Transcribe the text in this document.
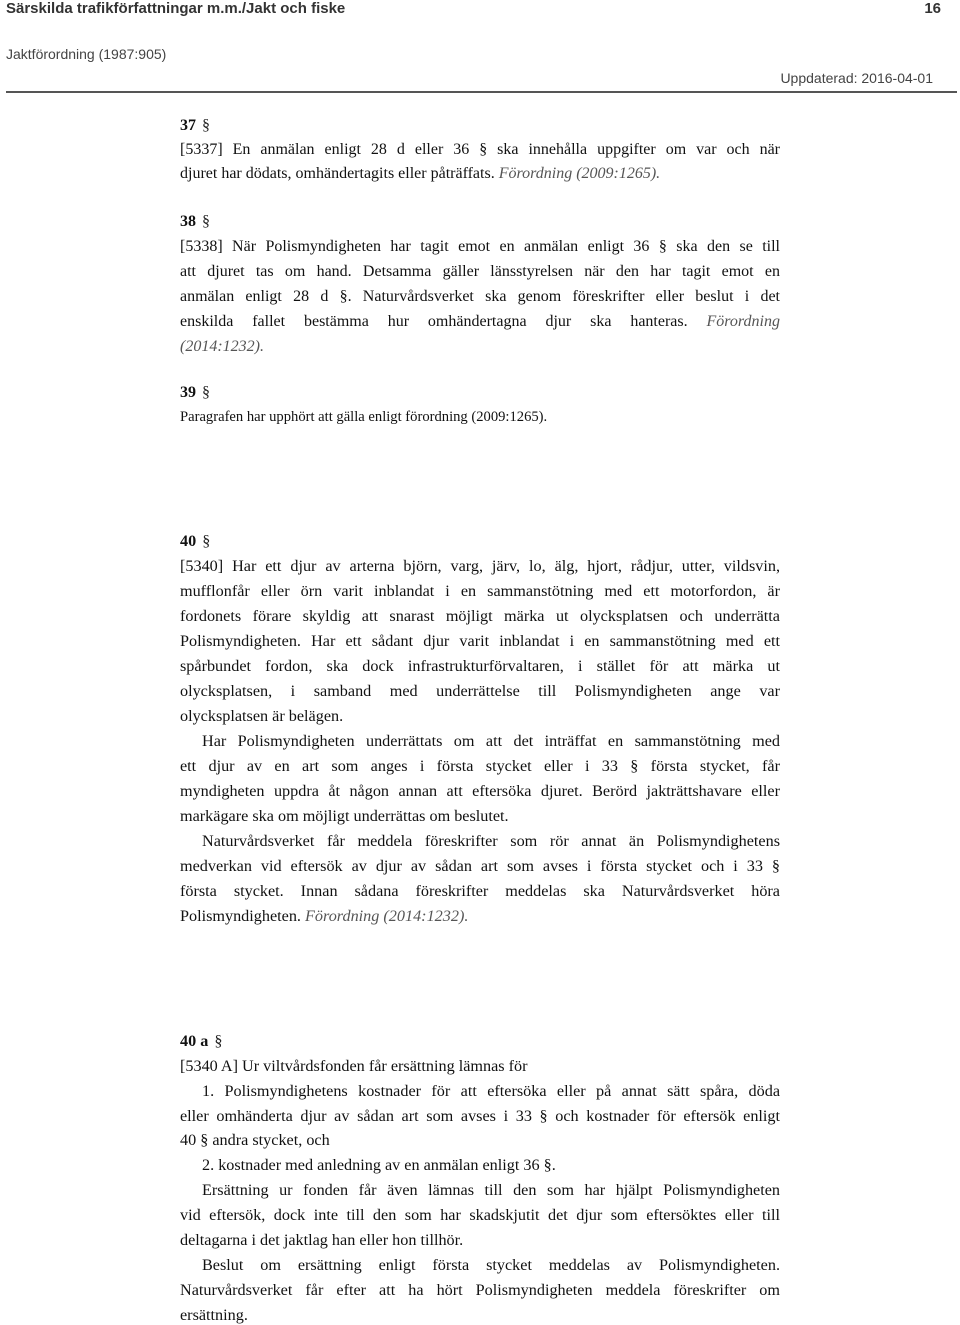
Särskilda trafikförfattningar m.m./Jakt och fiske	16
Jaktförordning (1987:905)
Uppdaterad: 2016-04-01
37 §
[5337] En anmälan enligt 28 d eller 36 § ska innehålla uppgifter om var och när
djuret har dödats, omhändertagits eller påträffats. Förordning (2009:1265).
38 §
[5338] När Polismyndigheten har tagit emot en anmälan enligt 36 § ska den se till
att djuret tas om hand. Detsamma gäller länsstyrelsen när den har tagit emot en
anmälan enligt 28 d §. Naturvårdsverket ska genom föreskrifter eller beslut i det
enskilda fallet bestämma hur omhändertagna djur ska hanteras. Förordning
(2014:1232).
39 §
Paragrafen har upphört att gälla enligt förordning (2009:1265).
40 §
[5340] Har ett djur av arterna björn, varg, järv, lo, älg, hjort, rådjur, utter, vildsvin,
mufflonfår eller örn varit inblandat i en sammanstötning med ett motorfordon, är
fordonets förare skyldig att snarast möjligt märka ut olycksplatsen och underrätta
Polismyndigheten. Har ett sådant djur varit inblandat i en sammanstötning med ett
spårbundet fordon, ska dock infrastrukturförvaltaren, i stället för att märka ut
olycksplatsen, i samband med underrättelse till Polismyndigheten ange var
olycksplatsen är belägen.
Har Polismyndigheten underrättats om att det inträffat en sammanstötning med
ett djur av en art som anges i första stycket eller i 33 § första stycket, får
myndigheten uppdra åt någon annan att eftersöka djuret. Berörd jakträttshavare eller
markägare ska om möjligt underrättas om beslutet.
Naturvårdsverket får meddela föreskrifter som rör annat än Polismyndighetens
medverkan vid eftersök av djur av sådan art som avses i första stycket och i 33 §
första stycket. Innan sådana föreskrifter meddelas ska Naturvårdsverket höra
Polismyndigheten. Förordning (2014:1232).
40 a §
[5340 A] Ur viltvårdsfonden får ersättning lämnas för
1. Polismyndighetens kostnader för att eftersöka eller på annat sätt spåra, döda
eller omhänderta djur av sådan art som avses i 33 § och kostnader för eftersök enligt
40 § andra stycket, och
2. kostnader med anledning av en anmälan enligt 36 §.
Ersättning ur fonden får även lämnas till den som har hjälpt Polismyndigheten
vid eftersök, dock inte till den som har skadskjutit det djur som eftersöktes eller till
deltagarna i det jaktlag han eller hon tillhör.
Beslut om ersättning enligt första stycket meddelas av Polismyndigheten.
Naturvårdsverket får efter att ha hört Polismyndigheten meddela föreskrifter om
ersättning.
